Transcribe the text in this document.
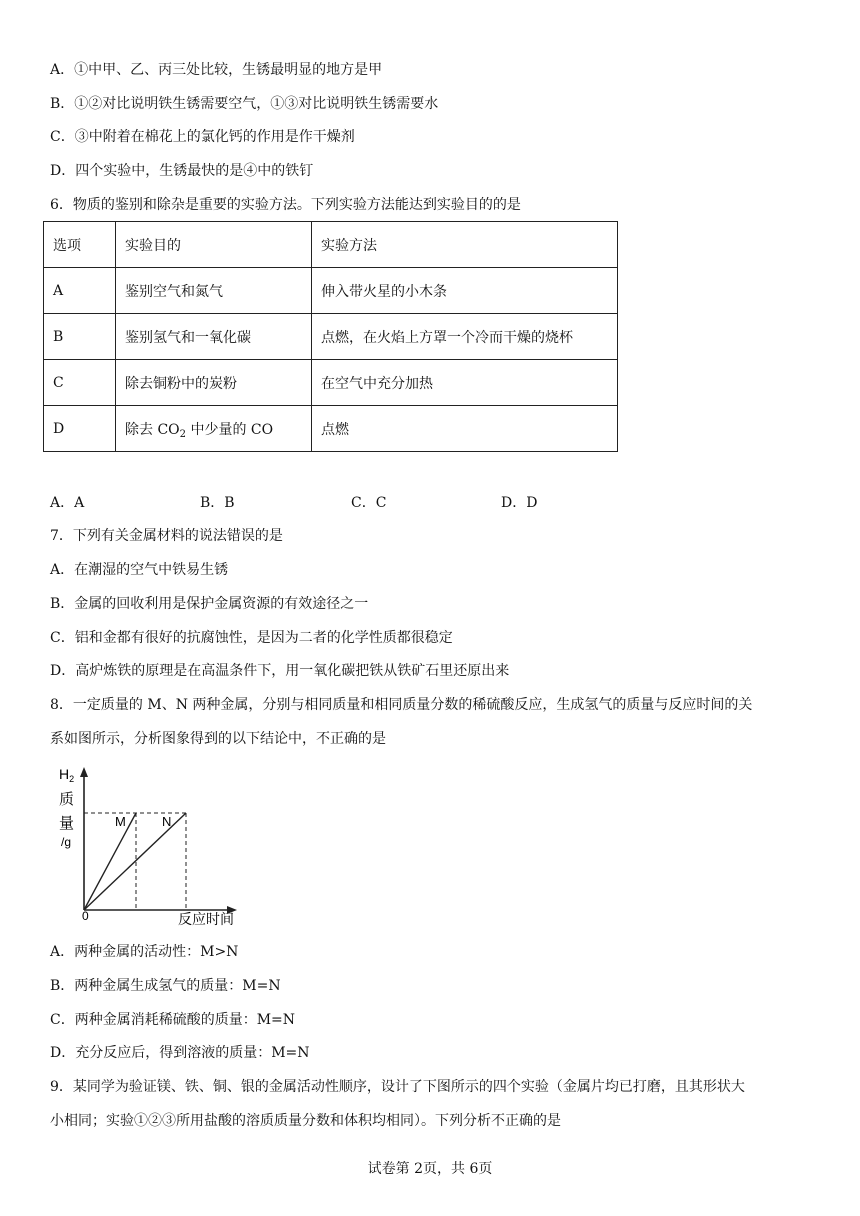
A．①中甲、乙、丙三处比较，生锈最明显的地方是甲
B．①②对比说明铁生锈需要空气，①③对比说明铁生锈需要水
C．③中附着在棉花上的氯化钙的作用是作干燥剂
D．四个实验中，生锈最快的是④中的铁钉
6．物质的鉴别和除杂是重要的实验方法。下列实验方法能达到实验目的的是
选项	实验目的	实验方法
A	鉴别空气和氮气	伸入带火星的小木条
B	鉴别氢气和一氧化碳	点燃，在火焰上方罩一个冷而干燥的烧杯
C	除去铜粉中的炭粉	在空气中充分加热
D	除去 $CO_2$ 中少量的 CO	点燃
A．A	B．B	C．C	D．D
7．下列有关金属材料的说法错误的是
A．在潮湿的空气中铁易生锈
B．金属的回收利用是保护金属资源的有效途径之一
C．铝和金都有很好的抗腐蚀性，是因为二者的化学性质都很稳定
D．高炉炼铁的原理是在高温条件下，用一氧化碳把铁从铁矿石里还原出来
8．一定质量的 M、N 两种金属，分别与相同质量和相同质量分数的稀硫酸反应，生成氢气的质量与反应时间的关
系如图所示，分析图象得到的以下结论中，不正确的是
$H_2$
质
量
/g
M	N
0	反应时间
A．两种金属的活动性：M>N
B．两种金属生成氢气的质量：M=N
C．两种金属消耗稀硫酸的质量：M=N
D．充分反应后，得到溶液的质量：M=N
9．某同学为验证镁、铁、铜、银的金属活动性顺序，设计了下图所示的四个实验（金属片均已打磨，且其形状大
小相同；实验①②③所用盐酸的溶质质量分数和体积均相同）。下列分析不正确的是
试卷第 2页，共 6页
